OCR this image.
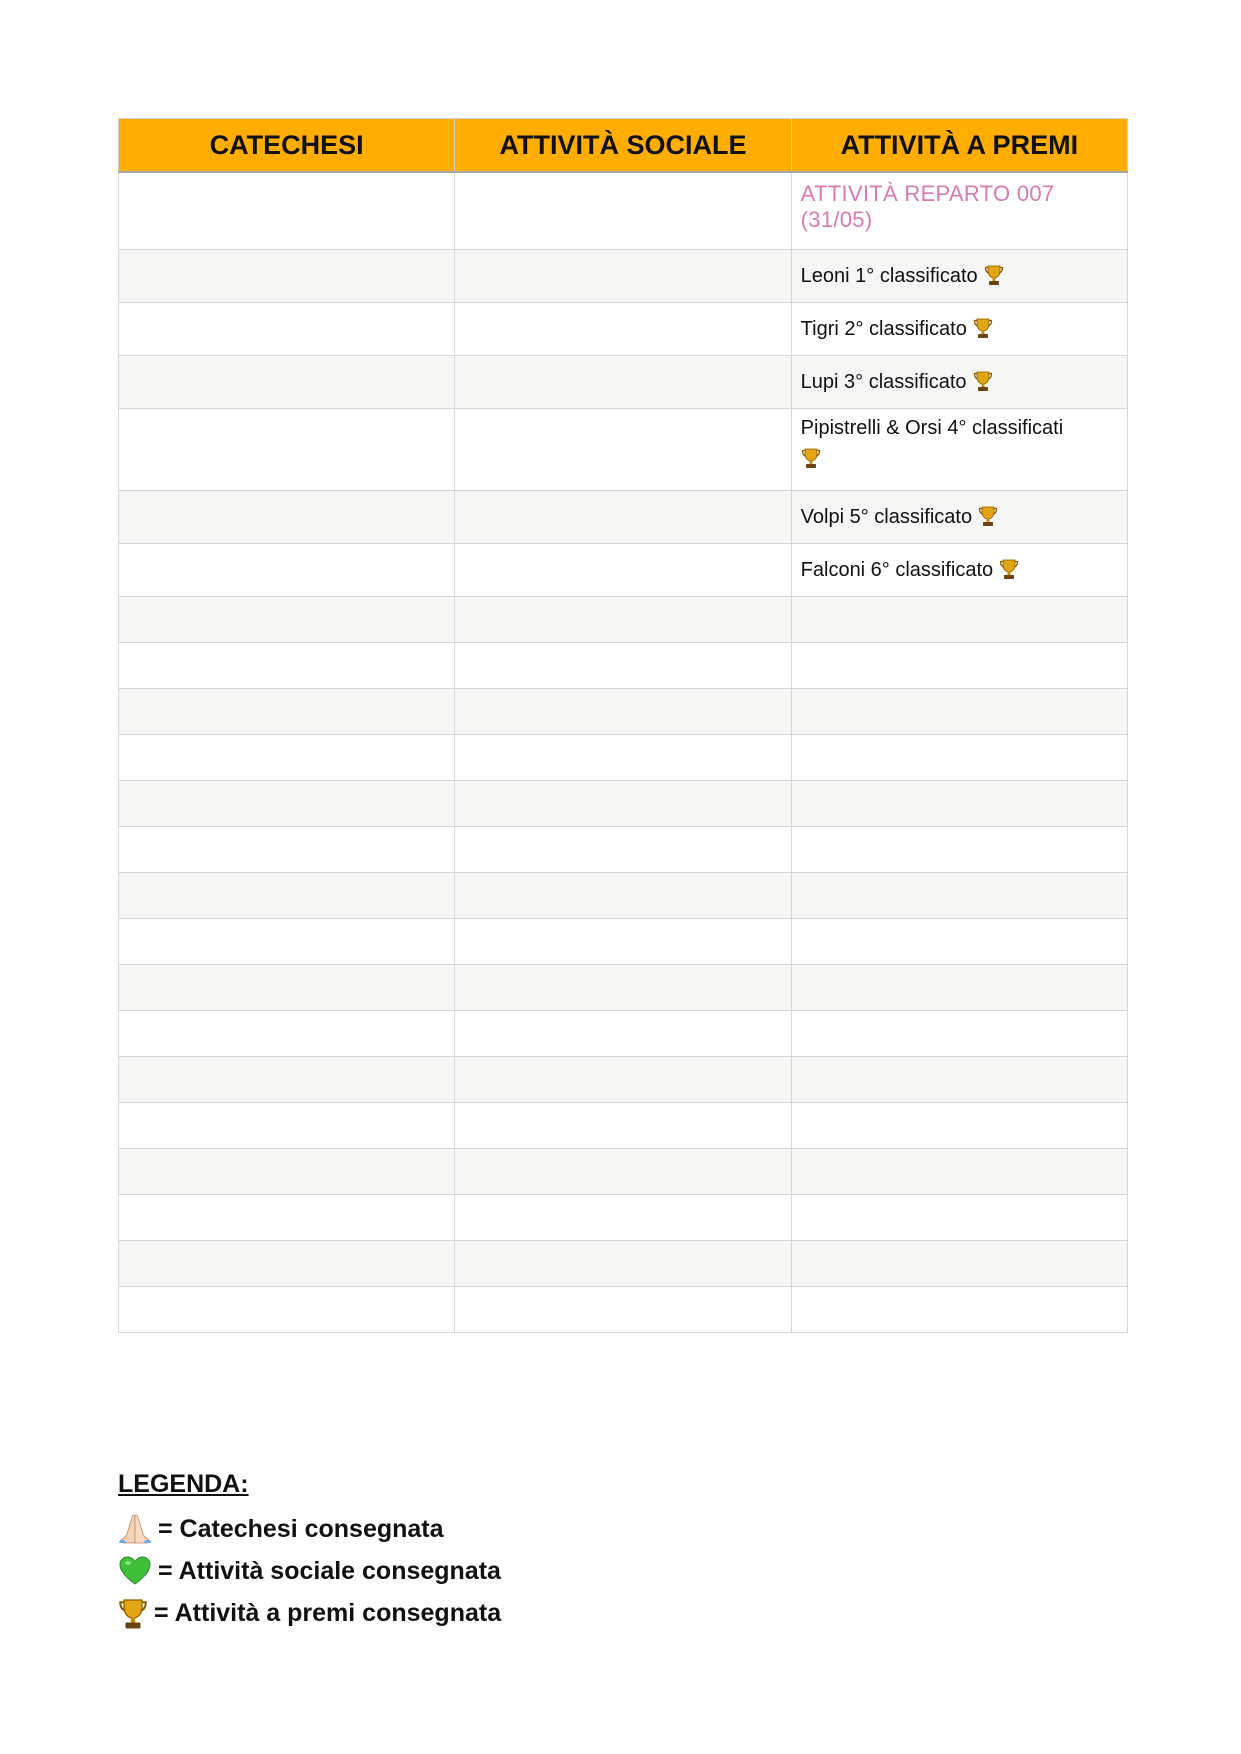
CATECHESI	ATTIVITÀ SOCIALE	ATTIVITÀ A PREMI
		ATTIVITÀ REPARTO 007 (31/05)
		Leoni 1° classificato
		Tigri 2° classificato
		Lupi 3° classificato
		Pipistrelli & Orsi 4° classificati

		Volpi 5° classificato
		Falconi 6° classificato

LEGENDA:
= Catechesi consegnata
= Attività sociale consegnata
= Attività a premi consegnata
